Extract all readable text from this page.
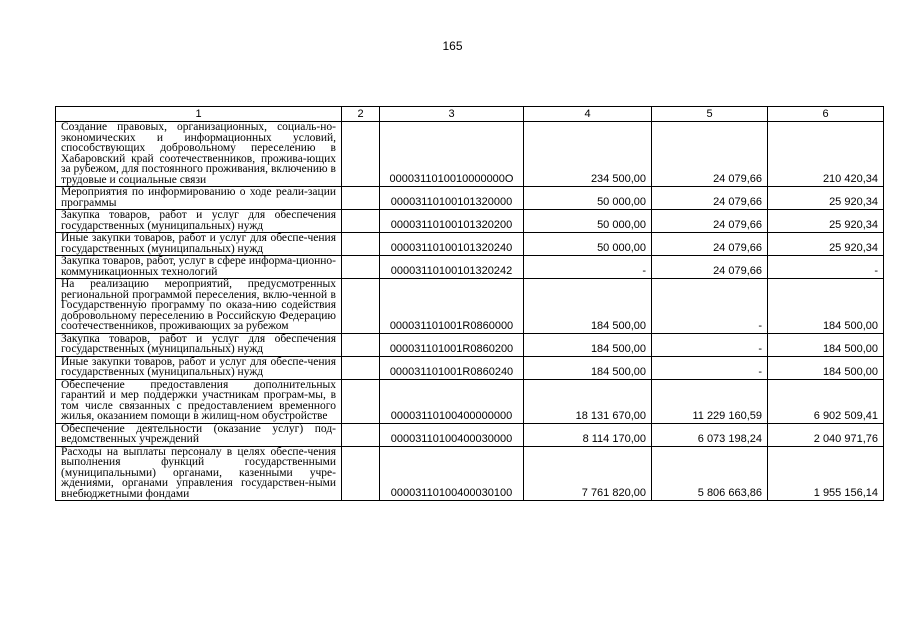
165
1	2	3	4	5	6
Создание правовых, организационных, социаль-но-экономических и информационных условий, способствующих добровольному переселению в Хабаровский край соотечественников, прожива-ющих за рубежом, для постоянного проживания, включению в трудовые и социальные связи		0000311010010000000О	234 500,00	24 079,66	210 420,34
Мероприятия по информированию о ходе реали-зации программы		00003110100101320000	50 000,00	24 079,66	25 920,34
Закупка товаров, работ и услуг для обеспечения государственных (муниципальных) нужд		00003110100101320200	50 000,00	24 079,66	25 920,34
Иные закупки товаров, работ и услуг для обеспе-чения государственных (муниципальных) нужд		00003110100101320240	50 000,00	24 079,66	25 920,34
Закупка товаров, работ, услуг в сфере информа-ционно-коммуникационных технологий		00003110100101320242	-	24 079,66	-
На реализацию мероприятий, предусмотренных региональной программой переселения, вклю-ченной в Государственную программу по оказа-нию содействия добровольному переселению в Российскую Федерацию соотечественников, проживающих за рубежом		000031101001R0860000	184 500,00	-	184 500,00
Закупка товаров, работ и услуг для обеспечения государственных (муниципальных) нужд		000031101001R0860200	184 500,00	-	184 500,00
Иные закупки товаров, работ и услуг для обеспе-чения государственных (муниципальных) нужд		000031101001R0860240	184 500,00	-	184 500,00
Обеспечение предоставления дополнительных гарантий и мер поддержки участникам програм-мы, в том числе связанных с предоставлением временного жилья, оказанием помощи в жилищ-ном обустройстве		00003110100400000000	18 131 670,00	11 229 160,59	6 902 509,41
Обеспечение деятельности (оказание услуг) под-ведомственных учреждений		00003110100400030000	8 114 170,00	6 073 198,24	2 040 971,76
Расходы на выплаты персоналу в целях обеспе-чения выполнения функций государственными (муниципальными) органами, казенными учре-ждениями, органами управления государствен-ными внебюджетными фондами		00003110100400030100	7 761 820,00	5 806 663,86	1 955 156,14
